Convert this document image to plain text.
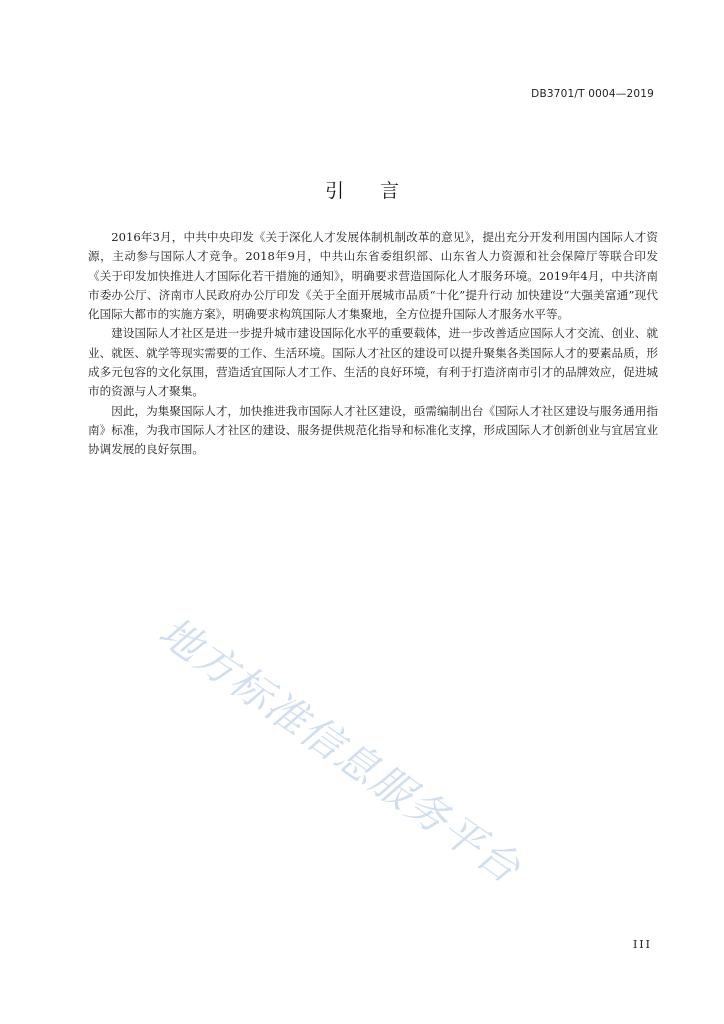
DB3701/T 0004—2019
引 言

2016年3月，中共中央印发《关于深化人才发展体制机制改革的意见》，提出充分开发利用国内国际人才资源，主动参与国际人才竞争。2018年9月，中共山东省委组织部、山东省人力资源和社会保障厅等联合印发《关于印发加快推进人才国际化若干措施的通知》，明确要求营造国际化人才服务环境。2019年4月，中共济南市委办公厅、济南市人民政府办公厅印发《关于全面开展城市品质“十化”提升行动 加快建设“大强美富通”现代化国际大都市的实施方案》，明确要求构筑国际人才集聚地，全方位提升国际人才服务水平等。

建设国际人才社区是进一步提升城市建设国际化水平的重要载体，进一步改善适应国际人才交流、创业、就业、就医、就学等现实需要的工作、生活环境。国际人才社区的建设可以提升聚集各类国际人才的要素品质，形成多元包容的文化氛围，营造适宜国际人才工作、生活的良好环境，有利于打造济南市引才的品牌效应，促进城市的资源与人才聚集。

因此，为集聚国际人才，加快推进我市国际人才社区建设，亟需编制出台《国际人才社区建设与服务通用指南》标准，为我市国际人才社区的建设、服务提供规范化指导和标准化支撑，形成国际人才创新创业与宜居宜业协调发展的良好氛围。

地方标准信息服务平台
III
